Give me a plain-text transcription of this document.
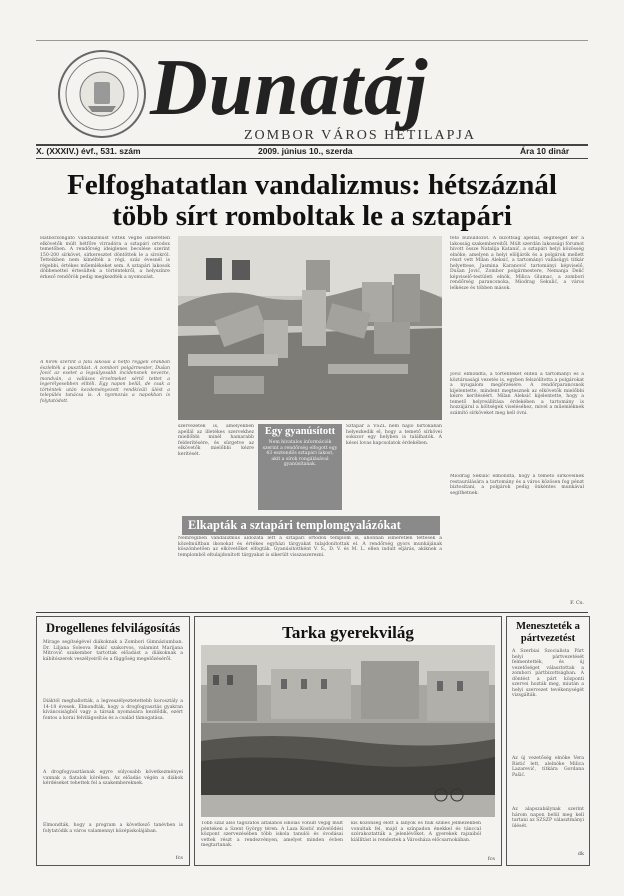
Dunatáj
ZOMBOR VÁROS HETILAPJA
X. (XXXIV.) évf., 531. szám	2009. június 10., szerda	Ára 10 dinár
Felfoghatatlan vandalizmus: hétszáznál több sírt romboltak le a sztapári
Hátborzongató vandalizmust vittek végbe ismeretlen elkövetők múlt hétfőre virradóra a sztapári ortodox temetőben. A rendőrség ideiglenes becslése szerint 150-200 sírkövet, sírkeresztet döntöttek le a sírokról. Tetteikben nem kímélték a régi, száz évesnél is régebbi, értékes műemlékeket sem. A sztapári lakosok döbbenettel értesültek a történtekről, a helyszínre érkező rendőrök pedig megkezdték a nyomozást.
A hírek szerint a falu lakosai a hétfő reggeli órákban észlelték a pusztítást. A zombori polgármester, Dušan Jović az esetet a legsúlyosabb incidensnek nevezte, mondván, a vallásos érzelmeket sértő tettet a legerélyesebben elítéli. Egy napon belül, de csak a történtek után kezdeményezett rendkívüli ülést a település tanácsa is. A nyomozás a napokban is folytatódott.
Egy gyanúsított
Nem hivatalos információk szerint a rendőrség elfogott egy 43 esztendős sztapári lakost, akit a sírok rongálásával gyanúsítanak.
szervezetek is, amelyekben apellál az illetékes szervekhez miellőbbi minél hamarabb felderítésére, és sürgetve az elkövetők mielőbbi kézre kerítését.
Sztapár a VSZL nem hajló birtokában helyezkedik el, hogy a temető sírkövei sokszor egy helyben is találhatók. A kései lovas kapcsolatok érdekében.
tető bűnüldözőt. A bizottság apellál, segítséget kér a lakosság szakembereitől. Múlt szerdán lakossági fórumot hívott össze Natalija Katanić, a sztapári helyi közösség elnöke, amelyen a helyi elöljárók és a polgárok mellett részt vett Milan Aleksić, a tartományi vallásügyi titkár helyettese, Jasmina Karanović tartományi képviselő, Dušan Jović, Zombor polgármestere, Nemanja Delić képviselő-testületi elnök, Milica Glumac, a zombori rendőrség parancsnoka, Miodrag Sekulić, a város lelkésze és többen mások.
Jović elmondta, a történteket elítéli a tartományi és a köztársasági vezetés is, egyben felszólította a polgárokat a nyugalom megőrzésére. A rendőrparancsnok kijelentette, mindent megtesznek az elkövetők mielőbbi kézre kerítéséért. Milan Aleksić kijelentette, hogy a temető helyreállítása érdekében a tartomány is hozzájárul a költségek viseléséhez, mivel a műemléknek számító sírköveket meg kell óvni.
Miodrag Sekulić elmondta, hogy a temető sírköveinek restaurálására a tartomány és a város közösen fog pénzt biztosítani, a polgárok pedig önkéntes munkával segíthetnek.
F. Cs.
Elkapták a sztapári templomgyalázókat
Nemrégiben vandalizmus áldozata lett a sztapári ortodox templom is, ahonnan ismeretlen tettesek a közelmúltban ikonokat és értékes egyházi tárgyakat tulajdonítottak el. A rendőrség gyors munkájának köszönhetően az elkövetőket elfogták. Gyanúsítottként V. S., D. V. és M. L. ellen indult eljárás, akiknek a templomból eltulajdonított tárgyakat is sikerült visszaszerezni.
Drogellenes felvilágosítás
Mirage segítségével diákoknak a Zombori Gimnáziumban. Dr. Liljana Soleova Bukić szakorvos, valamint Marijana Mitrović szakember tartottak előadást a diákoknak a kábítószerek veszélyeiről és a függőség megelőzéséről.
Diáktól meghallották, a legveszélyeztetettebb korosztály a 14-18 évesek. Elmondták, hogy a drogfogyasztás gyakran kíváncsiságból vagy a társak nyomására kezdődik, ezért fontos a korai felvilágosítás és a család támogatása.
A drogfogyasztásnak egyre súlyosabb következményei vannak a fiatalok körében. Az előadás végén a diákok kérdéseket tehettek fel a szakembereknek.
Elmondták, hogy a program a következő tanévben is folytatódik a város valamennyi középiskolájában.
fcs
Tarka gyerekvilág
Több száz alsó tagozatos általános iskolás vonult végig múlt pénteken a Szent György téren. A Laza Kostić művelődési központ szervezésében több iskola tanulói és óvodásai vettek részt a rendezvényen, amelyet minden évben megtartanak.
kis közönség előtt a lányok és fiúk színes jelmezekben vonultak fel, majd a színpadon énekkel és tánccal szórakoztatták a jelenlévőket. A gyerekek rajzaiból kiállítást is rendeztek a Városháza előcsarnokában.
fcs
Meneszteték a pártvezetést
A Szerbiai Szocialista Párt helyi pártvezetését felmentették, és új vezetőséget választottak a zombori pártbizottságban. A döntést a párt központi szervei hozták meg, miután a helyi szervezet tevékenységét vizsgálták.
Az új vezetőség elnöke Vera Ristić lett, alelnöke Milica Lazarević, titkára Gordana Pašić.
Az alapszabálynak szerint három napon belül meg kell tartani az SZSZP választmányi ülését.
dk
